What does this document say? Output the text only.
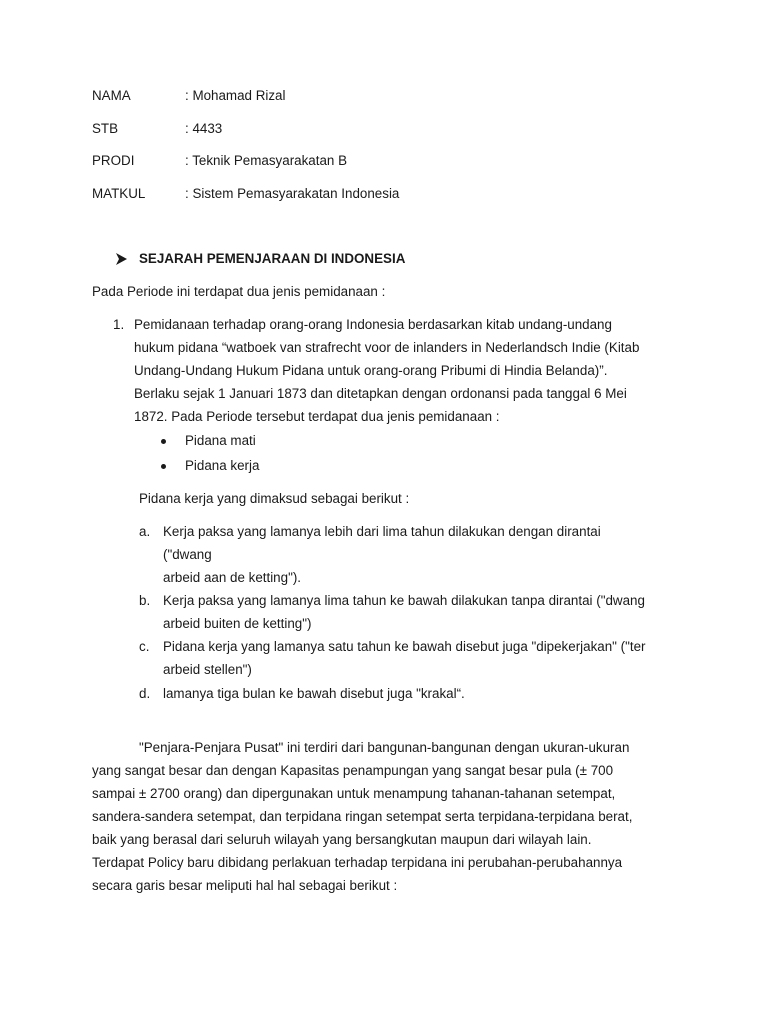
NAMA	: Mohamad Rizal
STB	: 4433
PRODI	: Teknik Pemasyarakatan B
MATKUL	: Sistem Pemasyarakatan Indonesia
SEJARAH PEMENJARAAN DI INDONESIA
Pada Periode ini terdapat dua jenis pemidanaan :
1. Pemidanaan terhadap orang-orang Indonesia berdasarkan kitab undang-undang
hukum pidana “watboek van strafrecht voor de inlanders in Nederlandsch Indie (Kitab
Undang-Undang Hukum Pidana untuk orang-orang Pribumi di Hindia Belanda)”.
Berlaku sejak 1 Januari 1873 dan ditetapkan dengan ordonansi pada tanggal 6 Mei
1872. Pada Periode tersebut terdapat dua jenis pemidanaan :
Pidana mati
Pidana kerja
Pidana kerja yang dimaksud sebagai berikut :
a. Kerja paksa yang lamanya lebih dari lima tahun dilakukan dengan dirantai
("dwang
arbeid aan de ketting").
b. Kerja paksa yang lamanya lima tahun ke bawah dilakukan tanpa dirantai ("dwang
arbeid buiten de ketting")
c. Pidana kerja yang lamanya satu tahun ke bawah disebut juga "dipekerjakan" ("ter
arbeid stellen")
d. lamanya tiga bulan ke bawah disebut juga "krakal“.
"Penjara-Penjara Pusat" ini terdiri dari bangunan-bangunan dengan ukuran-ukuran
yang sangat besar dan dengan Kapasitas penampungan yang sangat besar pula (± 700
sampai ± 2700 orang) dan dipergunakan untuk menampung tahanan-tahanan setempat,
sandera-sandera setempat, dan terpidana ringan setempat serta terpidana-terpidana berat,
baik yang berasal dari seluruh wilayah yang bersangkutan maupun dari wilayah lain.
Terdapat Policy baru dibidang perlakuan terhadap terpidana ini perubahan-perubahannya
secara garis besar meliputi hal hal sebagai berikut :
